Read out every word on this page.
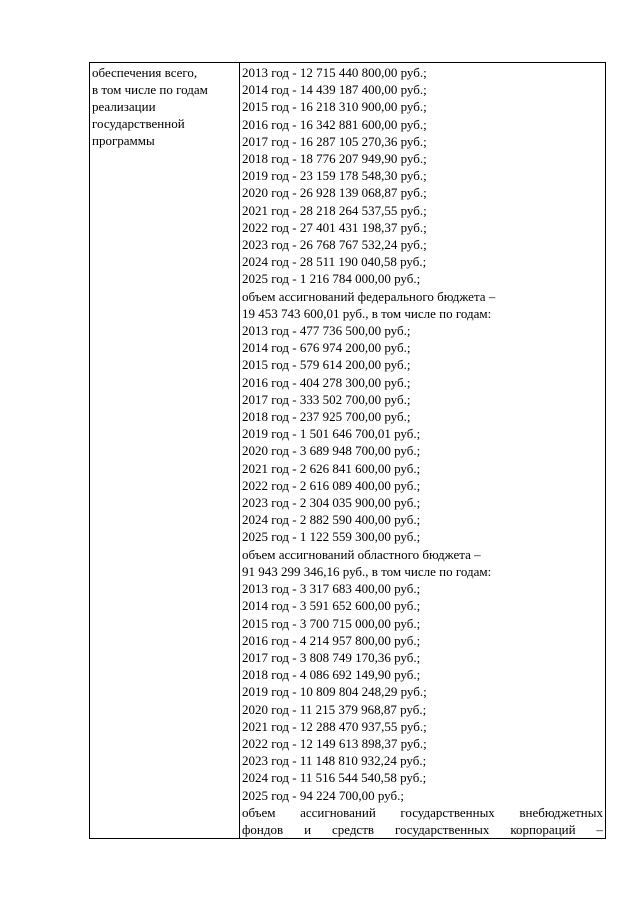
обеспечения всего,
в том числе по годам
реализации
государственной
программы
2013 год - 12 715 440 800,00 руб.;
2014 год - 14 439 187 400,00 руб.;
2015 год - 16 218 310 900,00 руб.;
2016 год - 16 342 881 600,00 руб.;
2017 год - 16 287 105 270,36 руб.;
2018 год - 18 776 207 949,90 руб.;
2019 год - 23 159 178 548,30 руб.;
2020 год - 26 928 139 068,87 руб.;
2021 год - 28 218 264 537,55 руб.;
2022 год - 27 401 431 198,37 руб.;
2023 год - 26 768 767 532,24 руб.;
2024 год - 28 511 190 040,58 руб.;
2025 год - 1 216 784 000,00 руб.;
объем ассигнований федерального бюджета –
19 453 743 600,01 руб., в том числе по годам:
2013 год - 477 736 500,00 руб.;
2014 год - 676 974 200,00 руб.;
2015 год - 579 614 200,00 руб.;
2016 год - 404 278 300,00 руб.;
2017 год - 333 502 700,00 руб.;
2018 год - 237 925 700,00 руб.;
2019 год - 1 501 646 700,01 руб.;
2020 год - 3 689 948 700,00 руб.;
2021 год - 2 626 841 600,00 руб.;
2022 год - 2 616 089 400,00 руб.;
2023 год - 2 304 035 900,00 руб.;
2024 год - 2 882 590 400,00 руб.;
2025 год - 1 122 559 300,00 руб.;
объем ассигнований областного бюджета –
91 943 299 346,16 руб., в том числе по годам:
2013 год - 3 317 683 400,00 руб.;
2014 год - 3 591 652 600,00 руб.;
2015 год - 3 700 715 000,00 руб.;
2016 год - 4 214 957 800,00 руб.;
2017 год - 3 808 749 170,36 руб.;
2018 год - 4 086 692 149,90 руб.;
2019 год - 10 809 804 248,29 руб.;
2020 год - 11 215 379 968,87 руб.;
2021 год - 12 288 470 937,55 руб.;
2022 год - 12 149 613 898,37 руб.;
2023 год - 11 148 810 932,24 руб.;
2024 год - 11 516 544 540,58 руб.;
2025 год - 94 224 700,00 руб.;
объем ассигнований государственных внебюджетных
фондов и средств государственных корпораций –
